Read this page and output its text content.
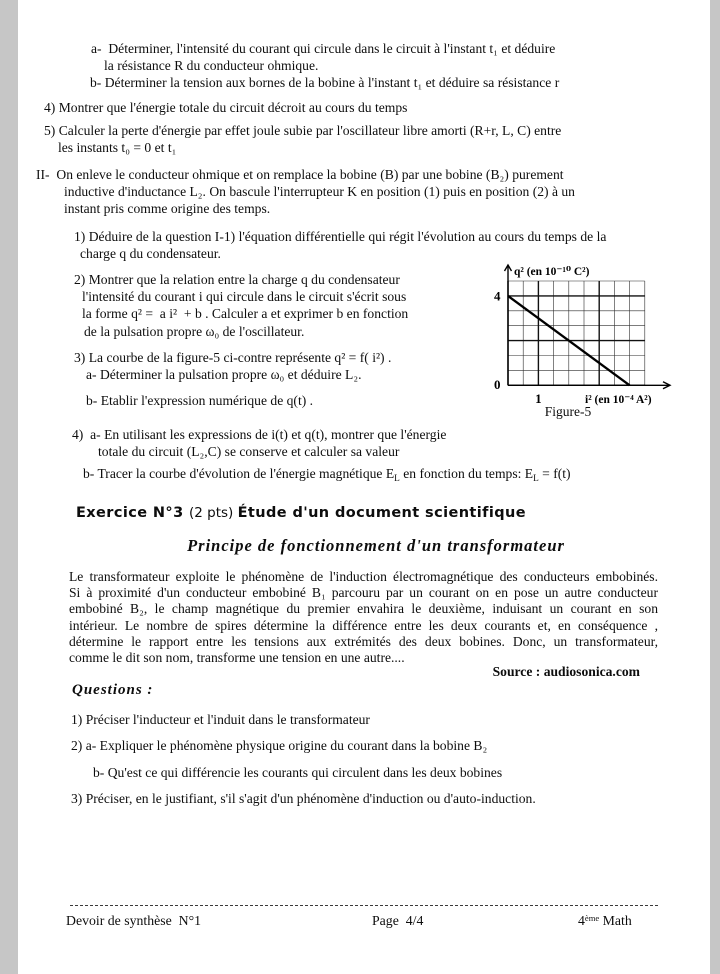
a-  Déterminer, l'intensité du courant qui circule dans le circuit à l'instant t₁ et déduire
la résistance R du conducteur ohmique.
b- Déterminer la tension aux bornes de la bobine à l'instant t₁ et déduire sa résistance r
4) Montrer que l'énergie totale du circuit décroit au cours du temps
5) Calculer la perte d'énergie par effet joule subie par l'oscillateur libre amorti (R+r, L, C) entre
les instants t₀ = 0 et t₁
II-  On enleve le conducteur ohmique et on remplace la bobine (B) par une bobine (B₂) purement
inductive d'inductance L₂. On bascule l'interrupteur K en position (1) puis en position (2) à un
instant pris comme origine des temps.
1) Déduire de la question I-1) l'équation différentielle qui régit l'évolution au cours du temps de la
charge q du condensateur.
2) Montrer que la relation entre la charge q du condensateur
l'intensité du courant i qui circule dans le circuit s'écrit sous
la forme q² =  a i²  + b . Calculer a et exprimer b en fonction
de la pulsation propre ω₀ de l'oscillateur.
3) La courbe de la figure-5 ci-contre représente q² = f( i²) .
a- Déterminer la pulsation propre ω₀ et déduire L₂.
b- Etablir l'expression numérique de q(t) .
4)  a- En utilisant les expressions de i(t) et q(t), montrer que l'énergie
totale du circuit (L₂,C) se conserve et calculer sa valeur
b- Tracer la courbe d'évolution de l'énergie magnétique $E_L$ en fonction du temps: $E_L = f(t)$
q² (en 10⁻¹⁰ C²)
4
0
1	i² (en 10⁻⁴ A²)
Figure-5
Exercice N°3 (2 pts) Étude d'un document scientifique
Principe de fonctionnement d'un transformateur
Le transformateur exploite le phénomène de l'induction électromagnétique des conducteurs embobinés.
Si à proximité d'un conducteur embobiné B₁ parcouru par un courant on en pose un autre conducteur
embobiné B₂, le champ magnétique du premier envahira le deuxième, induisant un courant en son
intérieur. Le nombre de spires détermine la différence entre les deux courants et, en conséquence ,
détermine le rapport entre les tensions aux extrémités des deux bobines. Donc, un transformateur,
comme le dit son nom, transforme une tension en une autre....
Source : audiosonica.com
Questions :
1) Préciser l'inducteur et l'induit dans le transformateur
2) a- Expliquer le phénomène physique origine du courant dans la bobine B₂
b- Qu'est ce qui différencie les courants qui circulent dans les deux bobines
3) Préciser, en le justifiant, s'il s'agit d'un phénomène d'induction ou d'auto-induction.
Devoir de synthèse  N°1	Page  4/4	4ème Math
